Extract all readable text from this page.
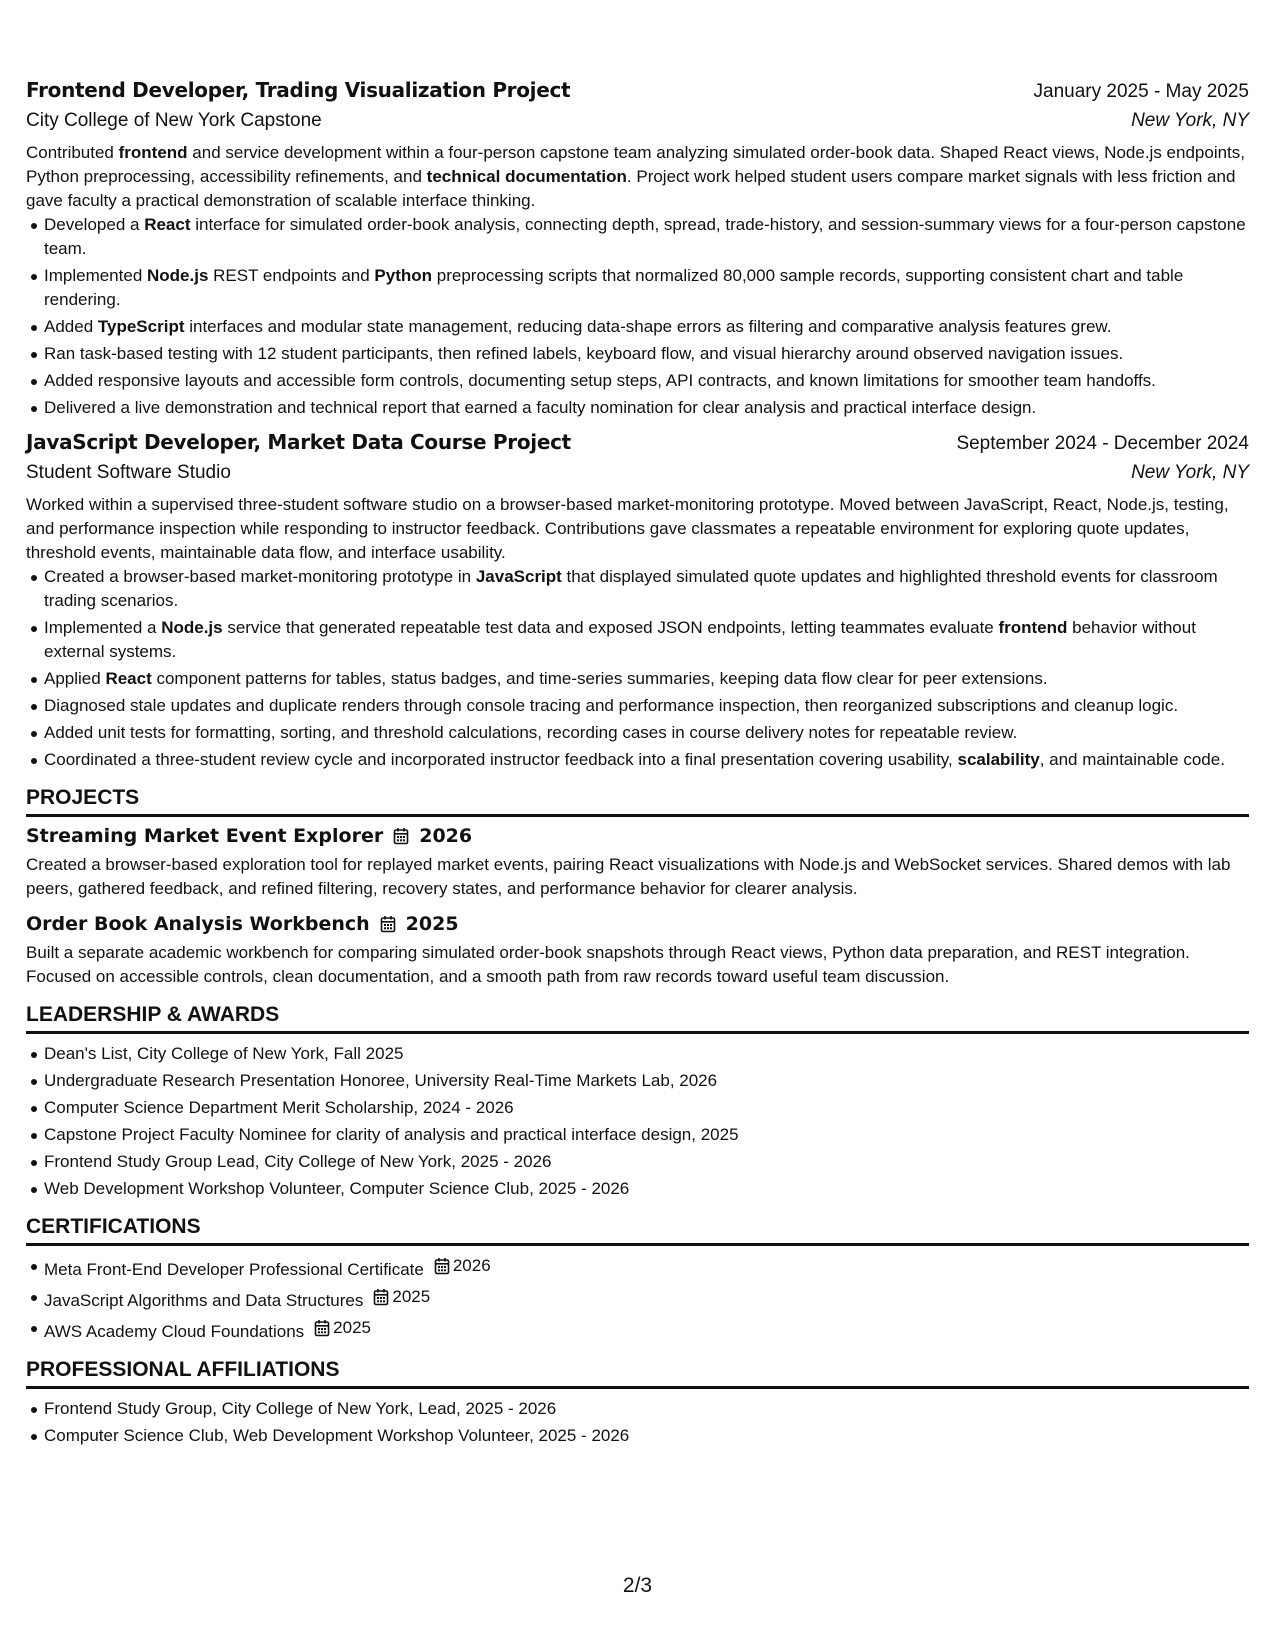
Frontend Developer, Trading Visualization Project	January 2025 - May 2025
City College of New York Capstone	New York, NY

Contributed frontend and service development within a four-person capstone team analyzing simulated order-book data. Shaped React views, Node.js endpoints, Python preprocessing, accessibility refinements, and technical documentation. Project work helped student users compare market signals with less friction and gave faculty a practical demonstration of scalable interface thinking.

Developed a React interface for simulated order-book analysis, connecting depth, spread, trade-history, and session-summary views for a four-person capstone team.
Implemented Node.js REST endpoints and Python preprocessing scripts that normalized 80,000 sample records, supporting consistent chart and table rendering.
Added TypeScript interfaces and modular state management, reducing data-shape errors as filtering and comparative analysis features grew.
Ran task-based testing with 12 student participants, then refined labels, keyboard flow, and visual hierarchy around observed navigation issues.
Added responsive layouts and accessible form controls, documenting setup steps, API contracts, and known limitations for smoother team handoffs.
Delivered a live demonstration and technical report that earned a faculty nomination for clear analysis and practical interface design.
JavaScript Developer, Market Data Course Project	September 2024 - December 2024
Student Software Studio	New York, NY

Worked within a supervised three-student software studio on a browser-based market-monitoring prototype. Moved between JavaScript, React, Node.js, testing, and performance inspection while responding to instructor feedback. Contributions gave classmates a repeatable environment for exploring quote updates, threshold events, maintainable data flow, and interface usability.

Created a browser-based market-monitoring prototype in JavaScript that displayed simulated quote updates and highlighted threshold events for classroom trading scenarios.
Implemented a Node.js service that generated repeatable test data and exposed JSON endpoints, letting teammates evaluate frontend behavior without external systems.
Applied React component patterns for tables, status badges, and time-series summaries, keeping data flow clear for peer extensions.
Diagnosed stale updates and duplicate renders through console tracing and performance inspection, then reorganized subscriptions and cleanup logic.
Added unit tests for formatting, sorting, and threshold calculations, recording cases in course delivery notes for repeatable review.
Coordinated a three-student review cycle and incorporated instructor feedback into a final presentation covering usability, scalability, and maintainable code.
PROJECTS
Streaming Market Event Explorer 2026

Created a browser-based exploration tool for replayed market events, pairing React visualizations with Node.js and WebSocket services. Shared demos with lab peers, gathered feedback, and refined filtering, recovery states, and performance behavior for clearer analysis.

Order Book Analysis Workbench 2025

Built a separate academic workbench for comparing simulated order-book snapshots through React views, Python data preparation, and REST integration. Focused on accessible controls, clean documentation, and a smooth path from raw records toward useful team discussion.

LEADERSHIP & AWARDS
Dean's List, City College of New York, Fall 2025
Undergraduate Research Presentation Honoree, University Real-Time Markets Lab, 2026
Computer Science Department Merit Scholarship, 2024 - 2026
Capstone Project Faculty Nominee for clarity of analysis and practical interface design, 2025
Frontend Study Group Lead, City College of New York, 2025 - 2026
Web Development Workshop Volunteer, Computer Science Club, 2025 - 2026
CERTIFICATIONS
Meta Front-End Developer Professional Certificate 2026
JavaScript Algorithms and Data Structures 2025
AWS Academy Cloud Foundations 2025
PROFESSIONAL AFFILIATIONS
Frontend Study Group, City College of New York, Lead, 2025 - 2026
Computer Science Club, Web Development Workshop Volunteer, 2025 - 2026
2/3
